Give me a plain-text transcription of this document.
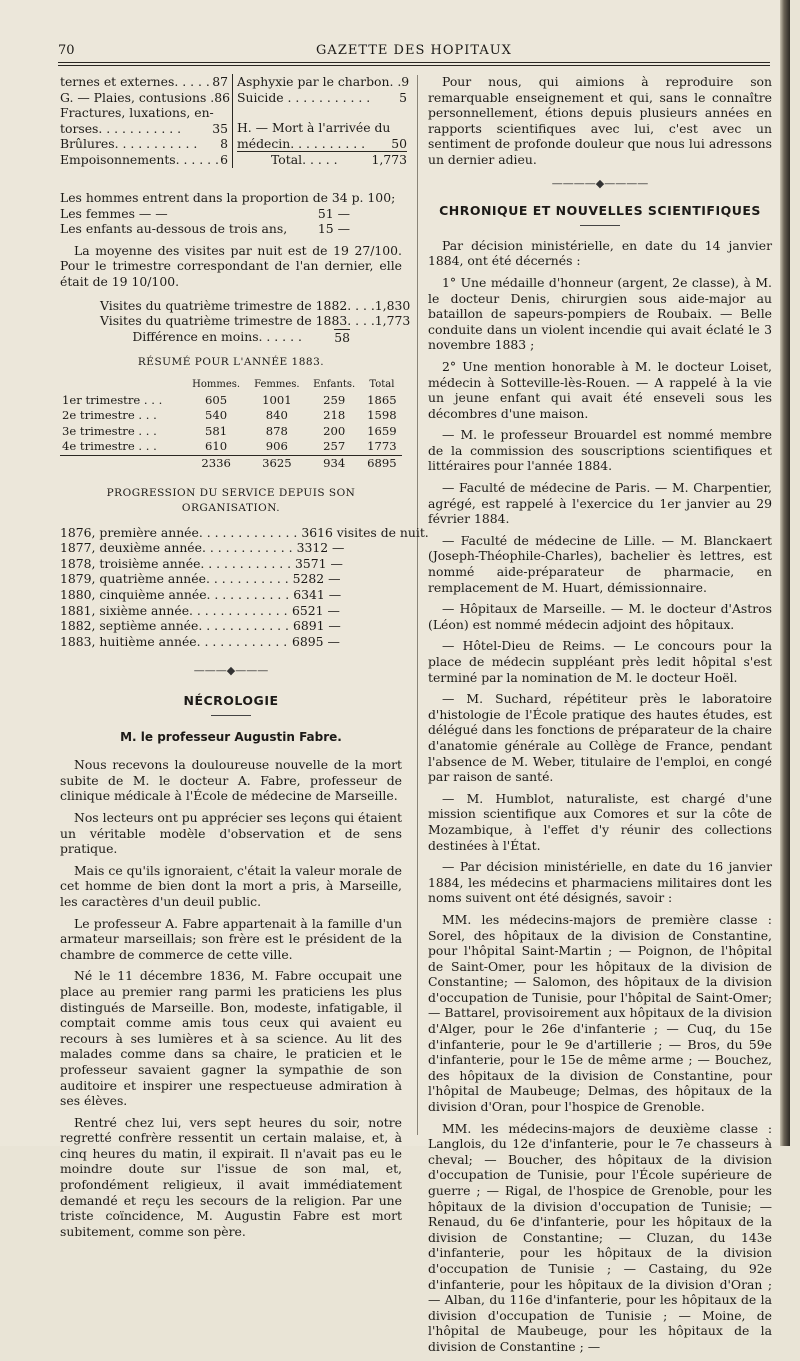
70	GAZETTE DES HOPITAUX
ternes et externes. . . . . 87
G. — Plaies, contusions . 86
Fractures, luxations, en-
torses. . . . . . . . . . .	35
Brûlures. . . . . . . . . . .	8
Empoisonnements. . . . . . 6
Asphyxie par le charbon. . 9
Suicide . . . . . . . . . . .	5
H. — Mort à l'arrivée du
médecin. . . . . . . . . .	50
Total. . . . .	1,773
Les hommes entrent dans la proportion de 34 p. 100;
Les femmes — —	51 —
Les enfants au-dessous de trois ans,	15 —

La moyenne des visites par nuit est de 19 27/100. Pour le trimestre correspondant de l'an dernier, elle était de 19 10/100.

Visites du quatrième trimestre de 1882. . . . 1,830
Visites du quatrième trimestre de 1883. . . . 1,773
Différence en moins. . . . . .	58
RÉSUMÉ POUR L'ANNÉE 1883.
	Hommes.	Femmes.	Enfants.	Total
1er trimestre . . .	605	1001	259	1865
2e trimestre . . .	540	840	218	1598
3e trimestre . . .	581	878	200	1659
4e trimestre . . .	610	906	257	1773
	2336	3625	934	6895
PROGRESSION DU SERVICE DEPUIS SON ORGANISATION.
1876, première année. . . . . . . . . . . . . 3616 visites de nuit.
1877, deuxième année. . . . . . . . . . . . 3312 —
1878, troisième année. . . . . . . . . . . . 3571 —
1879, quatrième année. . . . . . . . . . . 5282 —
1880, cinquième année. . . . . . . . . . . 6341 —
1881, sixième année. . . . . . . . . . . . . 6521 —
1882, septième année. . . . . . . . . . . . 6891 —
1883, huitième année. . . . . . . . . . . . 6895 —
———◆———
NÉCROLOGIE
M. le professeur Augustin Fabre.

Nous recevons la douloureuse nouvelle de la mort subite de M. le docteur A. Fabre, professeur de clinique médicale à l'École de médecine de Marseille.

Nos lecteurs ont pu apprécier ses leçons qui étaient un véritable modèle d'observation et de sens pratique.

Mais ce qu'ils ignoraient, c'était la valeur morale de cet homme de bien dont la mort a pris, à Marseille, les caractères d'un deuil public.

Le professeur A. Fabre appartenait à la famille d'un armateur marseillais; son frère est le président de la chambre de commerce de cette ville.

Né le 11 décembre 1836, M. Fabre occupait une place au premier rang parmi les praticiens les plus distingués de Marseille. Bon, modeste, infatigable, il comptait comme amis tous ceux qui avaient eu recours à ses lumières et à sa science. Au lit des malades comme dans sa chaire, le praticien et le professeur savaient gagner la sympathie de son auditoire et inspirer une respectueuse admiration à ses élèves.

Rentré chez lui, vers sept heures du soir, notre regretté confrère ressentit un certain malaise, et, à cinq heures du matin, il expirait. Il n'avait pas eu le moindre doute sur l'issue de son mal, et, profondément religieux, il avait immédiatement demandé et reçu les secours de la religion. Par une triste coïncidence, M. Augustin Fabre est mort subitement, comme son père.

Pour nous, qui aimions à reproduire son remarquable enseignement et qui, sans le connaître personnellement, étions depuis plusieurs années en rapports scientifiques avec lui, c'est avec un sentiment de profonde douleur que nous lui adressons un dernier adieu.

————◆————
CHRONIQUE ET NOUVELLES SCIENTIFIQUES

Par décision ministérielle, en date du 14 janvier 1884, ont été décernés :

1° Une médaille d'honneur (argent, 2e classe), à M. le docteur Denis, chirurgien sous aide-major au bataillon de sapeurs-pompiers de Roubaix. — Belle conduite dans un violent incendie qui avait éclaté le 3 novembre 1883 ;

2° Une mention honorable à M. le docteur Loiset, médecin à Sotteville-lès-Rouen. — A rappelé à la vie un jeune enfant qui avait été enseveli sous les décombres d'une maison.

— M. le professeur Brouardel est nommé membre de la commission des souscriptions scientifiques et littéraires pour l'année 1884.

— Faculté de médecine de Paris. — M. Charpentier, agrégé, est rappelé à l'exercice du 1er janvier au 29 février 1884.

— Faculté de médecine de Lille. — M. Blanckaert (Joseph-Théophile-Charles), bachelier ès lettres, est nommé aide-préparateur de pharmacie, en remplacement de M. Huart, démissionnaire.

— Hôpitaux de Marseille. — M. le docteur d'Astros (Léon) est nommé médecin adjoint des hôpitaux.

— Hôtel-Dieu de Reims. — Le concours pour la place de médecin suppléant près ledit hôpital s'est terminé par la nomination de M. le docteur Hoël.

— M. Suchard, répétiteur près le laboratoire d'histologie de l'École pratique des hautes études, est délégué dans les fonctions de préparateur de la chaire d'anatomie générale au Collège de France, pendant l'absence de M. Weber, titulaire de l'emploi, en congé par raison de santé.

— M. Humblot, naturaliste, est chargé d'une mission scientifique aux Comores et sur la côte de Mozambique, à l'effet d'y réunir des collections destinées à l'État.

— Par décision ministérielle, en date du 16 janvier 1884, les médecins et pharmaciens militaires dont les noms suivent ont été désignés, savoir :

MM. les médecins-majors de première classe : Sorel, des hôpitaux de la division de Constantine, pour l'hôpital Saint-Martin ; — Poignon, de l'hôpital de Saint-Omer, pour les hôpitaux de la division de Constantine; — Salomon, des hôpitaux de la division d'occupation de Tunisie, pour l'hôpital de Saint-Omer; — Battarel, provisoirement aux hôpitaux de la division d'Alger, pour le 26e d'infanterie ; — Cuq, du 15e d'infanterie, pour le 9e d'artillerie ; — Bros, du 59e d'infanterie, pour le 15e de même arme ; — Bouchez, des hôpitaux de la division de Constantine, pour l'hôpital de Maubeuge; Delmas, des hôpitaux de la division d'Oran, pour l'hospice de Grenoble.

MM. les médecins-majors de deuxième classe : Langlois, du 12e d'infanterie, pour le 7e chasseurs à cheval; — Boucher, des hôpitaux de la division d'occupation de Tunisie, pour l'École supérieure de guerre ; — Rigal, de l'hospice de Grenoble, pour les hôpitaux de la division d'occupation de Tunisie; — Renaud, du 6e d'infanterie, pour les hôpitaux de la division de Constantine; — Cluzan, du 143e d'infanterie, pour les hôpitaux de la division d'occupation de Tunisie ; — Castaing, du 92e d'infanterie, pour les hôpitaux de la division d'Oran ; — Alban, du 116e d'infanterie, pour les hôpitaux de la division d'occupation de Tunisie ; — Moine, de l'hôpital de Maubeuge, pour les hôpitaux de la division de Constantine ; —
